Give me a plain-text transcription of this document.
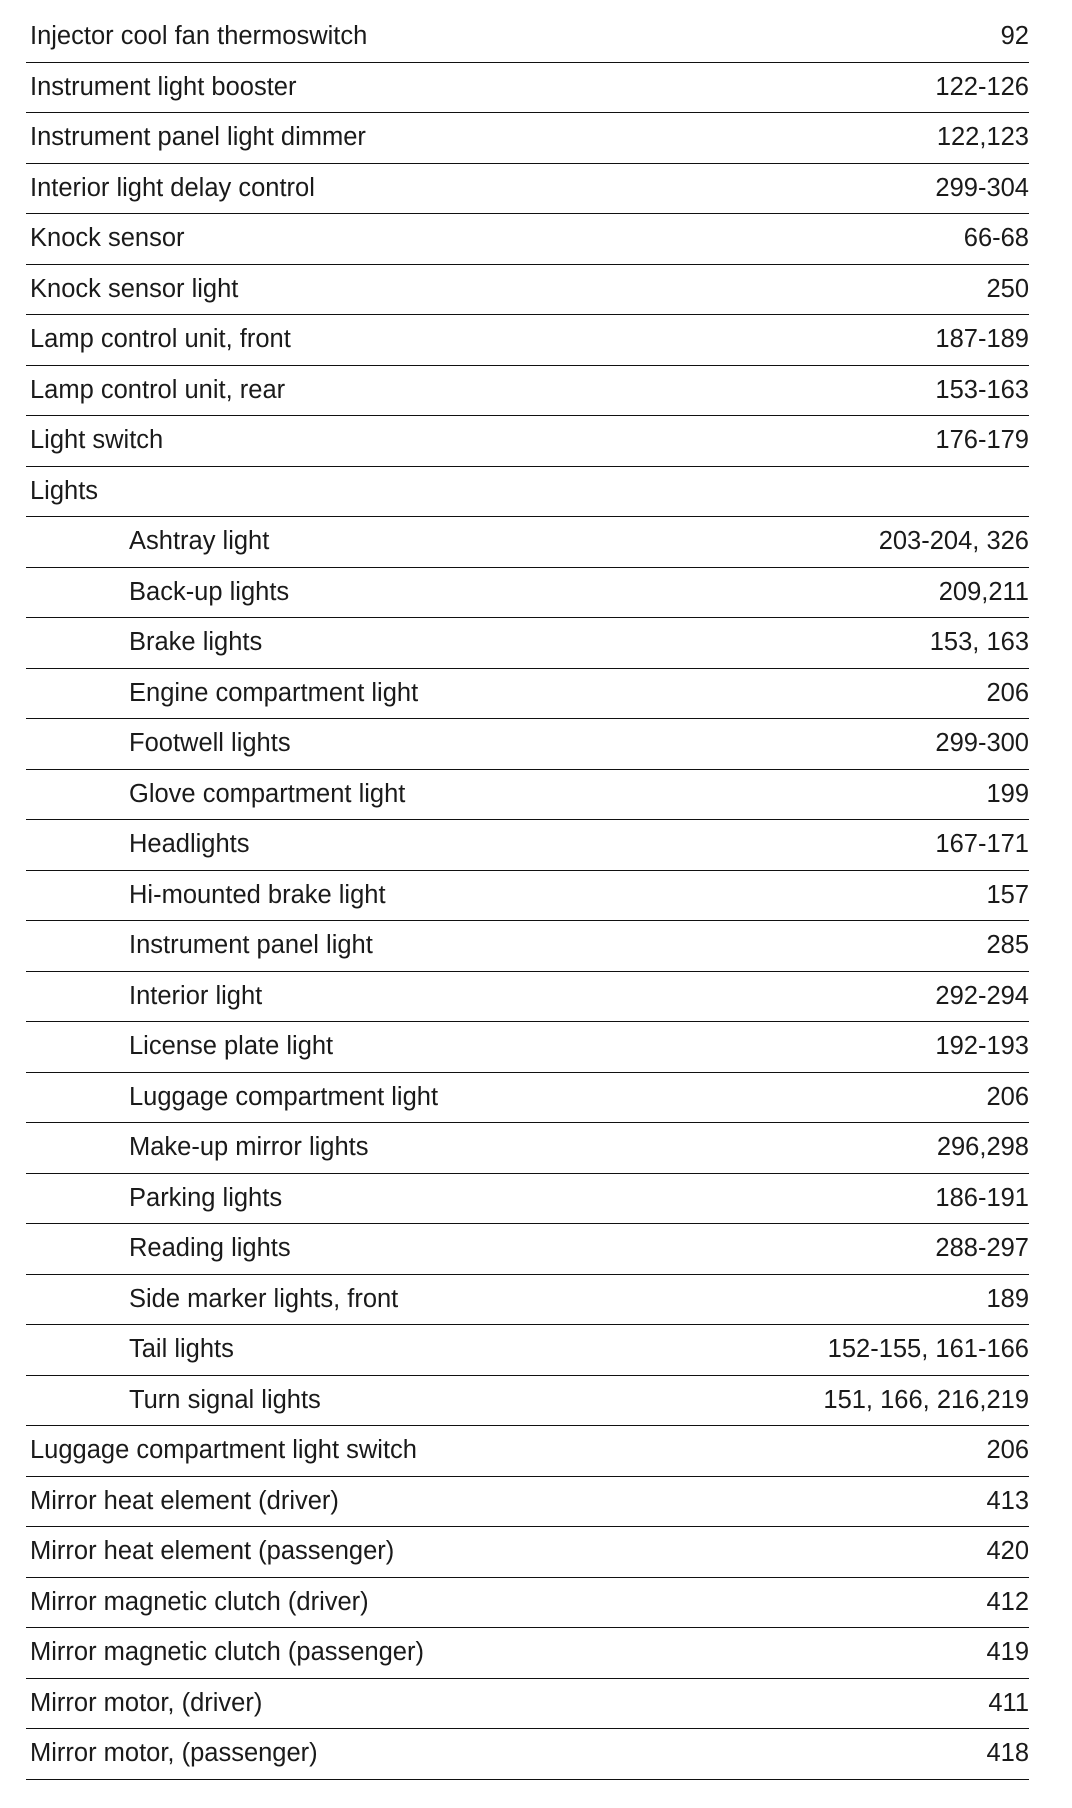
Injector cool fan thermoswitch	92
Instrument light booster	122-126
Instrument panel light dimmer	122,123
Interior light delay control	299-304
Knock sensor	66-68
Knock sensor light	250
Lamp control unit, front	187-189
Lamp control unit, rear	153-163
Light switch	176-179
Lights
Ashtray light	203-204, 326
Back-up lights	209,211
Brake lights	153, 163
Engine compartment light	206
Footwell lights	299-300
Glove compartment light	199
Headlights	167-171
Hi-mounted brake light	157
Instrument panel light	285
Interior light	292-294
License plate light	192-193
Luggage compartment light	206
Make-up mirror lights	296,298
Parking lights	186-191
Reading lights	288-297
Side marker lights, front	189
Tail lights	152-155, 161-166
Turn signal lights	151, 166, 216,219
Luggage compartment light switch	206
Mirror heat element (driver)	413
Mirror heat element (passenger)	420
Mirror magnetic clutch (driver)	412
Mirror magnetic clutch (passenger)	419
Mirror motor, (driver)	411
Mirror motor, (passenger)	418
